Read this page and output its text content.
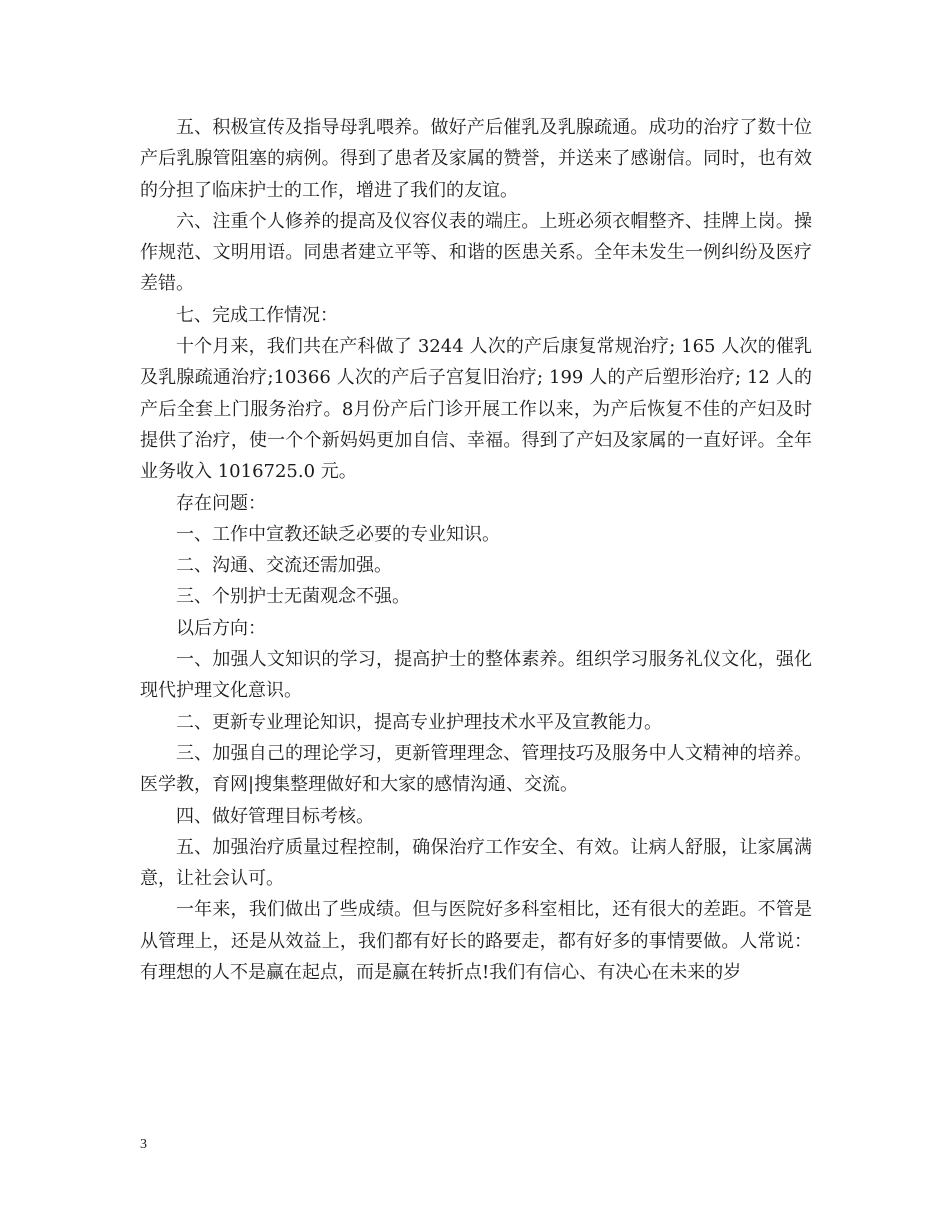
五、积极宣传及指导母乳喂养。做好产后催乳及乳腺疏通。成功的治疗了数十位产后乳腺管阻塞的病例。得到了患者及家属的赞誉，并送来了感谢信。同时，也有效的分担了临床护士的工作，增进了我们的友谊。

六、注重个人修养的提高及仪容仪表的端庄。上班必须衣帽整齐、挂牌上岗。操作规范、文明用语。同患者建立平等、和谐的医患关系。全年未发生一例纠纷及医疗差错。

七、完成工作情况：

十个月来，我们共在产科做了 3244 人次的产后康复常规治疗; 165 人次的催乳及乳腺疏通治疗;10366 人次的产后子宫复旧治疗; 199 人的产后塑形治疗; 12 人的产后全套上门服务治疗。8月份产后门诊开展工作以来，为产后恢复不佳的产妇及时提供了治疗，使一个个新妈妈更加自信、幸福。得到了产妇及家属的一直好评。全年业务收入 1016725.0 元。

存在问题：

一、工作中宣教还缺乏必要的专业知识。

二、沟通、交流还需加强。

三、个别护士无菌观念不强。

以后方向：

一、加强人文知识的学习，提高护士的整体素养。组织学习服务礼仪文化，强化现代护理文化意识。

二、更新专业理论知识，提高专业护理技术水平及宣教能力。

三、加强自己的理论学习，更新管理理念、管理技巧及服务中人文精神的培养。医学教，育网|搜集整理做好和大家的感情沟通、交流。

四、做好管理目标考核。

五、加强治疗质量过程控制，确保治疗工作安全、有效。让病人舒服，让家属满意，让社会认可。

一年来，我们做出了些成绩。但与医院好多科室相比，还有很大的差距。不管是从管理上，还是从效益上，我们都有好长的路要走，都有好多的事情要做。人常说：有理想的人不是赢在起点，而是赢在转折点!我们有信心、有决心在未来的岁

3
